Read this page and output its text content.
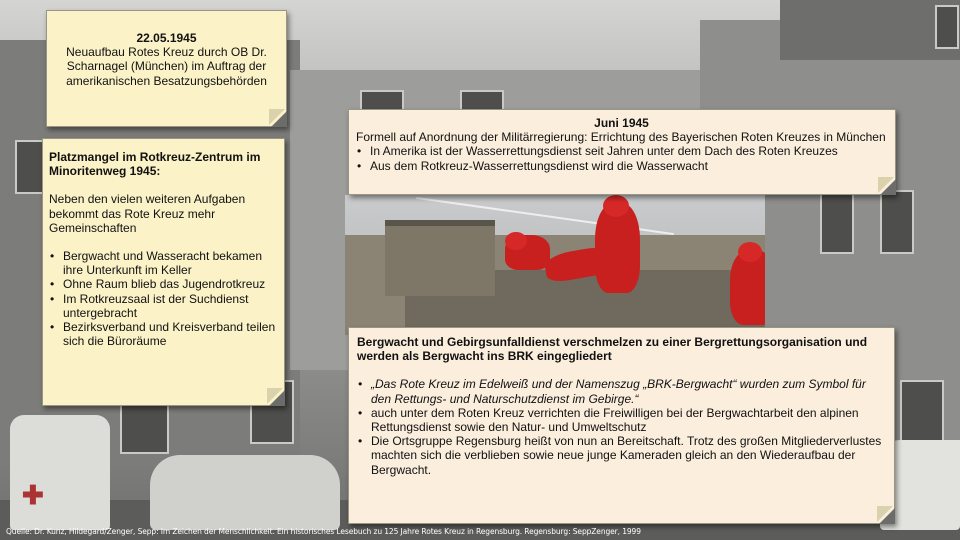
✚
22.05.1945
Neuaufbau Rotes Kreuz durch OB Dr.
Scharnagel (München) im Auftrag der
amerikanischen Besatzungsbehörden
Platzmangel im Rotkreuz-Zentrum im Minoritenweg 1945:
Neben den vielen weiteren Aufgaben bekommt das Rote Kreuz mehr Gemeinschaften
• Bergwacht und Wasseracht bekamen ihre Unterkunft im Keller
• Ohne Raum blieb das Jugendrotkreuz
• Im Rotkreuzsaal ist der Suchdienst untergebracht
• Bezirksverband und Kreisverband teilen sich die Büroräume
Juni 1945
Formell auf Anordnung der Militärregierung: Errichtung des Bayerischen Roten Kreuzes in München
• In Amerika ist der Wasserrettungsdienst seit Jahren unter dem Dach des Roten Kreuzes
• Aus dem Rotkreuz-Wasserrettungsdienst wird die Wasserwacht
Bergwacht und Gebirgsunfalldienst verschmelzen zu einer Bergrettungsorganisation und werden als Bergwacht ins BRK eingegliedert
• „Das Rote Kreuz im Edelweiß und der Namenszug „BRK-Bergwacht“ wurden zum Symbol für den Rettungs- und Naturschutzdienst im Gebirge.“
• auch unter dem Roten Kreuz verrichten die Freiwilligen bei der Bergwachtarbeit den alpinen Rettungsdienst sowie den Natur- und Umweltschutz
• Die Ortsgruppe Regensburg heißt von nun an Bereitschaft. Trotz des großen Mitgliederverlustes machten sich die verblieben sowie neue junge Kameraden gleich an den Wiederaufbau der Bergwacht.
Quelle: Dr. Kunz, Hildegard/Zenger, Sepp: Im Zeichen der Menschlichkeit. Ein historisches Lesebuch zu 125 Jahre Rotes Kreuz in Regensburg. Regensburg: SeppZenger, 1999
